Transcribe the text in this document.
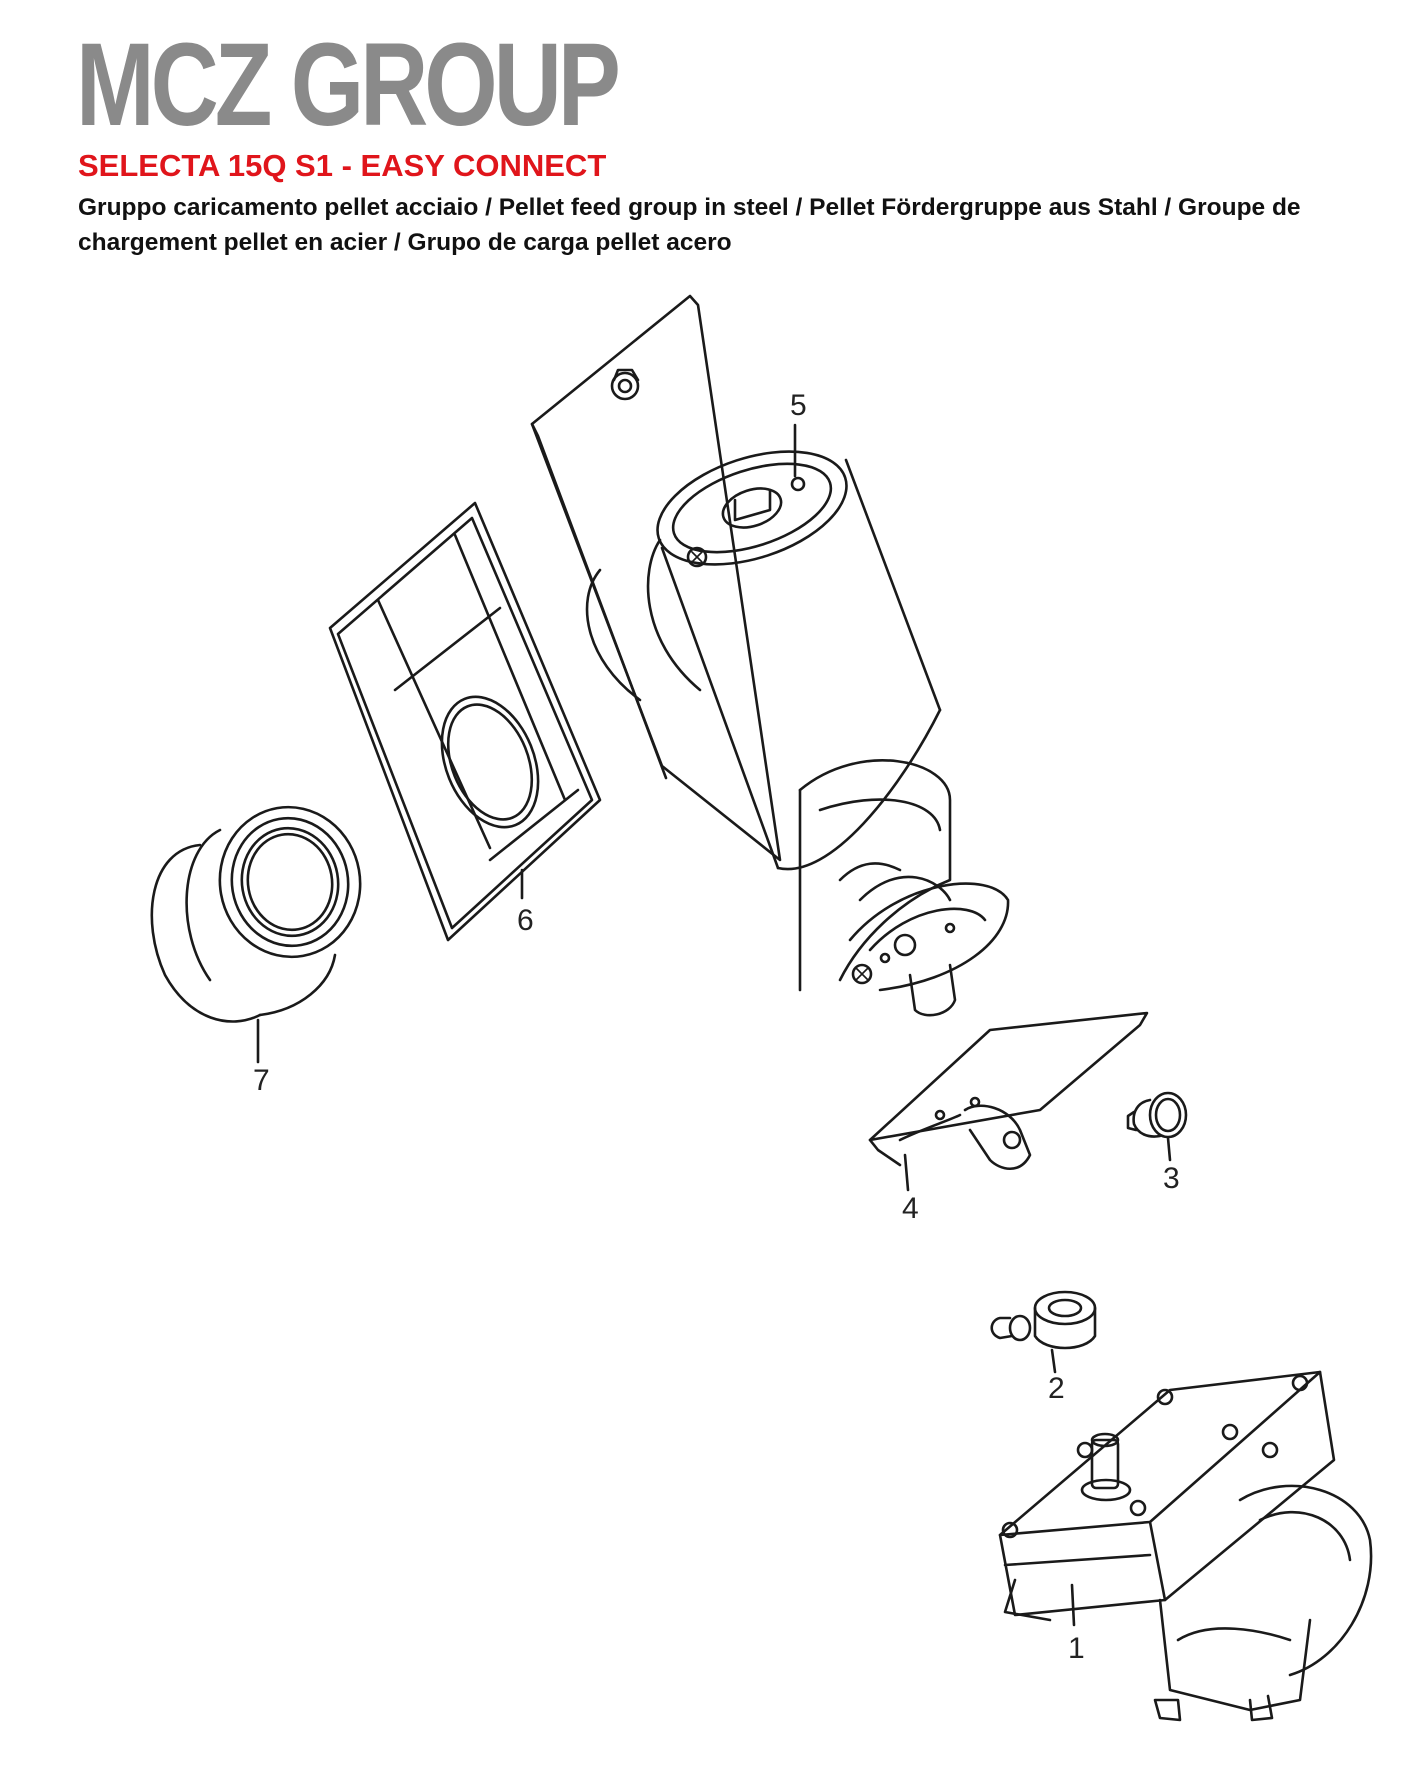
MCZ GROUP
SELECTA 15Q S1 - EASY CONNECT
Gruppo caricamento pellet acciaio / Pellet feed group in steel / Pellet Fördergruppe aus Stahl / Groupe de
chargement pellet en acier / Grupo de carga pellet acero
5
6
7
4
3
2
1
